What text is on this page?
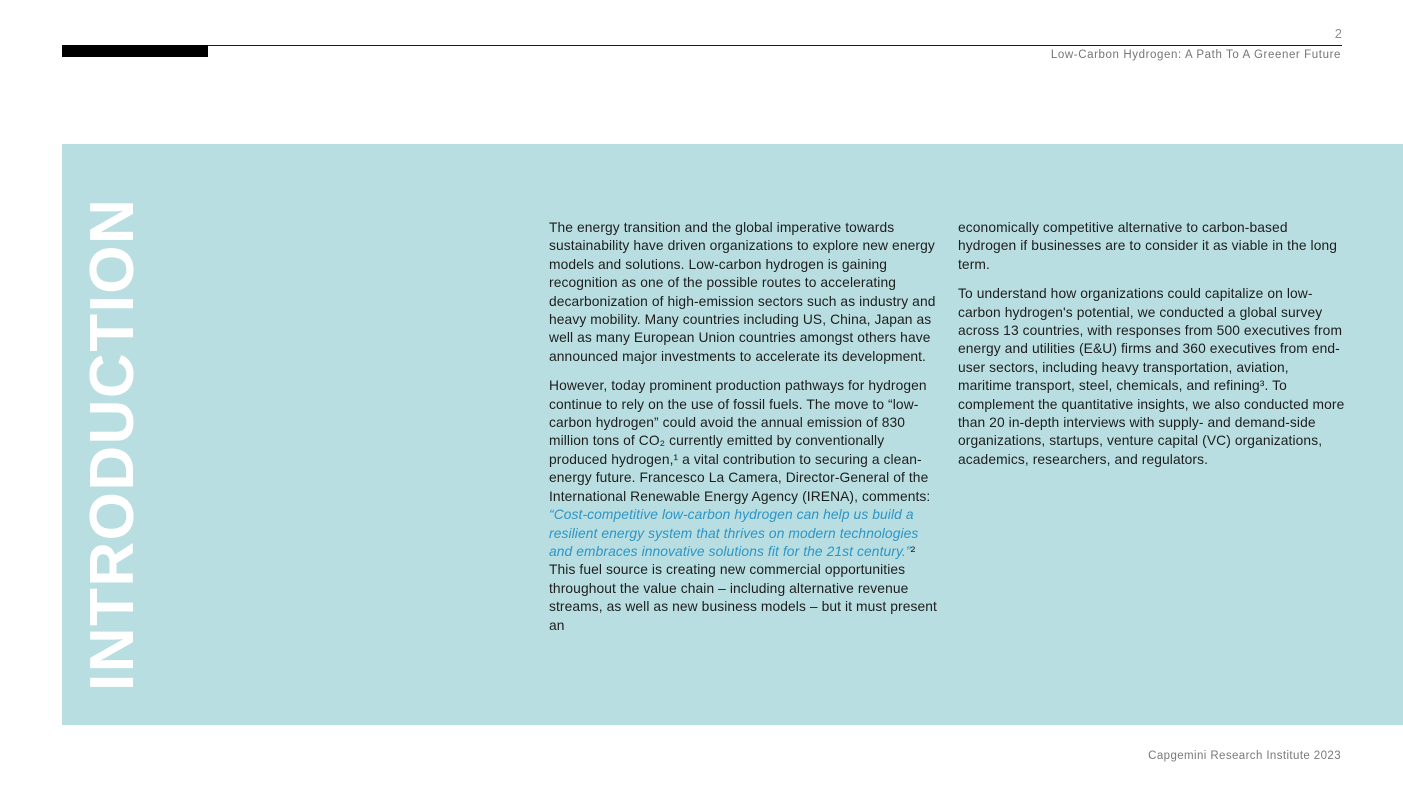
2
Low-Carbon Hydrogen: A Path To A Greener Future
INTRODUCTION	The energy transition and the global imperative towards sustainability have driven organizations to explore new energy models and solutions. Low-carbon hydrogen is gaining recognition as one of the possible routes to accelerating decarbonization of high-emission sectors such as industry and heavy mobility. Many countries including US, China, Japan as well as many European Union countries amongst others have announced major investments to accelerate its development.

However, today prominent production pathways for hydrogen continue to rely on the use of fossil fuels. The move to “low-carbon hydrogen” could avoid the annual emission of 830 million tons of CO₂ currently emitted by conventionally produced hydrogen,¹ a vital contribution to securing a clean-energy future. Francesco La Camera, Director-General of the International Renewable Energy Agency (IRENA), comments: “Cost-competitive low-carbon hydrogen can help us build a resilient energy system that thrives on modern technologies and embraces innovative solutions fit for the 21st century.”² This fuel source is creating new commercial opportunities throughout the value chain – including alternative revenue streams, as well as new business models – but it must present an

economically competitive alternative to carbon-based hydrogen if businesses are to consider it as viable in the long term.

To understand how organizations could capitalize on low-carbon hydrogen's potential, we conducted a global survey across 13 countries, with responses from 500 executives from energy and utilities (E&U) firms and 360 executives from end-user sectors, including heavy transportation, aviation, maritime transport, steel, chemicals, and refining³. To complement the quantitative insights, we also conducted more than 20 in-depth interviews with supply- and demand-side organizations, startups, venture capital (VC) organizations, academics, researchers, and regulators.

Capgemini Research Institute 2023
